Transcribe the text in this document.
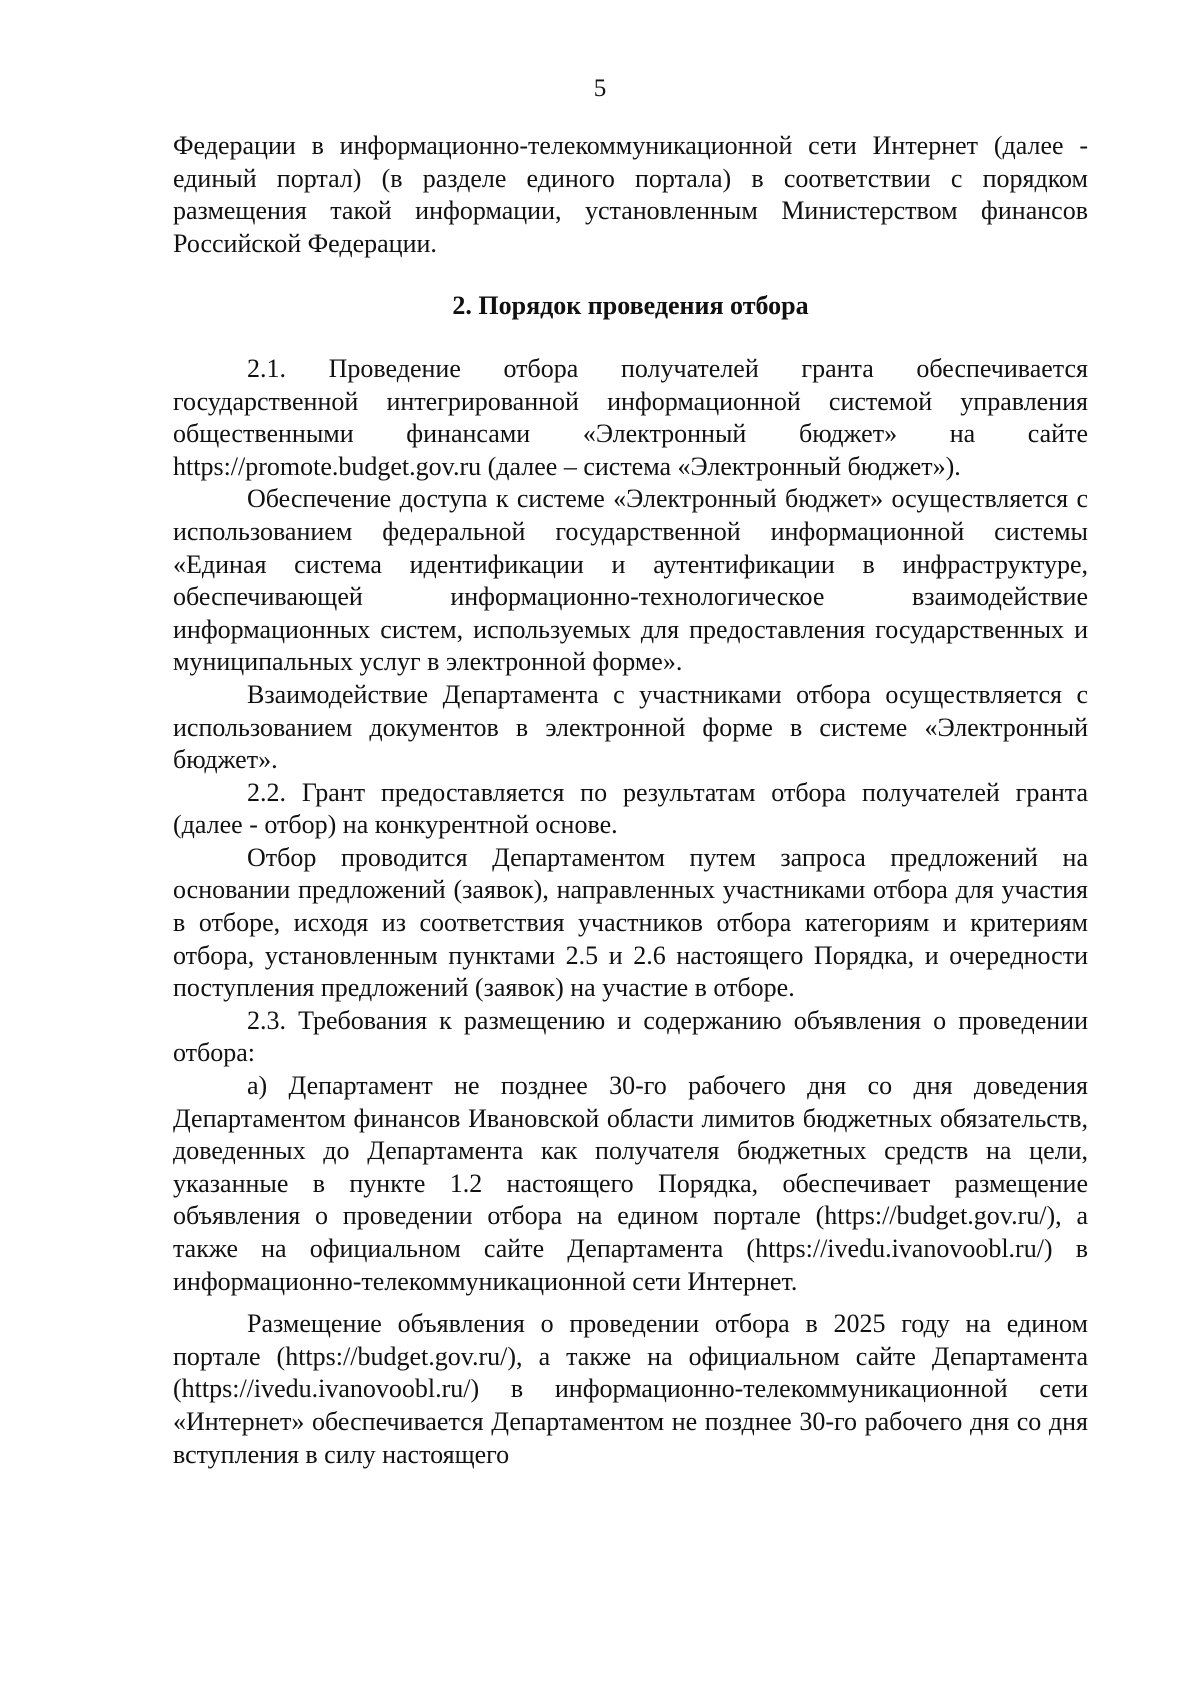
5

Федерации в информационно-телекоммуникационной сети Интернет (далее - единый портал) (в разделе единого портала) в соответствии с порядком размещения такой информации, установленным Министерством финансов Российской Федерации.

2. Порядок проведения отбора

2.1. Проведение отбора получателей гранта обеспечивается государственной интегрированной информационной системой управления общественными финансами «Электронный бюджет» на сайте https://promote.budget.gov.ru (далее – система «Электронный бюджет»).

Обеспечение доступа к системе «Электронный бюджет» осуществляется с использованием федеральной государственной информационной системы «Единая система идентификации и аутентификации в инфраструктуре, обеспечивающей информационно-технологическое взаимодействие информационных систем, используемых для предоставления государственных и муниципальных услуг в электронной форме».

Взаимодействие Департамента с участниками отбора осуществляется с использованием документов в электронной форме в системе «Электронный бюджет».

2.2. Грант предоставляется по результатам отбора получателей гранта (далее - отбор) на конкурентной основе.

Отбор проводится Департаментом путем запроса предложений на основании предложений (заявок), направленных участниками отбора для участия в отборе, исходя из соответствия участников отбора категориям и критериям отбора, установленным пунктами 2.5 и 2.6 настоящего Порядка, и очередности поступления предложений (заявок) на участие в отборе.

2.3. Требования к размещению и содержанию объявления о проведении отбора:

а) Департамент не позднее 30-го рабочего дня со дня доведения Департаментом финансов Ивановской области лимитов бюджетных обязательств, доведенных до Департамента как получателя бюджетных средств на цели, указанные в пункте 1.2 настоящего Порядка, обеспечивает размещение объявления о проведении отбора на едином портале (https://budget.gov.ru/), а также на официальном сайте Департамента (https://ivedu.ivanovoobl.ru/) в информационно-телекоммуникационной сети Интернет.

Размещение объявления о проведении отбора в 2025 году на едином портале (https://budget.gov.ru/), а также на официальном сайте Департамента (https://ivedu.ivanovoobl.ru/) в информационно-телекоммуникационной сети «Интернет» обеспечивается Департаментом не позднее 30-го рабочего дня со дня вступления в силу настоящего
